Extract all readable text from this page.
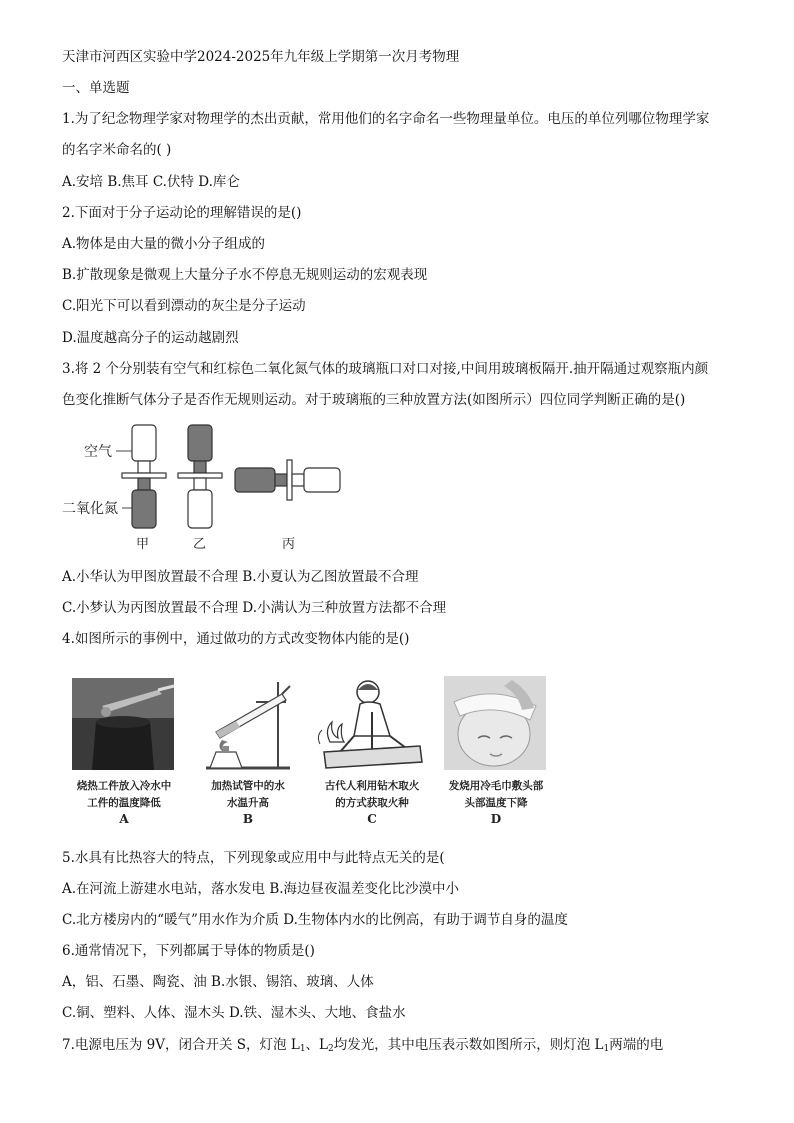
天津市河西区实验中学2024-2025年九年级上学期第一次月考物理
一、单选题
1.为了纪念物理学家对物理学的杰出贡献，常用他们的名字命名一些物理量单位。电压的单位列哪位物理学家
的名字米命名的( )
A.安培 B.焦耳 C.伏特 D.库仑
2.下面对于分子运动论的理解错误的是()
A.物体是由大量的微小分子组成的
B.扩散现象是微观上大量分子水不停息无规则运动的宏观表现
C.阳光下可以看到漂动的灰尘是分子运动
D.温度越高分子的运动越剧烈
3.将 2 个分别装有空气和红棕色二氧化氮气体的玻璃瓶口对口对接,中间用玻璃板隔开.抽开隔通过观察瓶内颜
色变化推断气体分子是否作无规则运动。对于玻璃瓶的三种放置方法(如图所示）四位同学判断正确的是()
空气
二氧化氮
甲	乙	丙
A.小华认为甲图放置最不合理 B.小夏认为乙图放置最不合理
C.小梦认为丙图放置最不合理 D.小满认为三种放置方法都不合理
4.如图所示的事例中，通过做功的方式改变物体内能的是()
烧热工件放入冷水中
工件的温度降低
A
加热试管中的水
水温升高
B
古代人利用钻木取火
的方式获取火种
C
发烧用冷毛巾敷头部
头部温度下降
D
5.水具有比热容大的特点，下列现象或应用中与此特点无关的是(
A.在河流上游建水电站，落水发电 B.海边昼夜温差变化比沙漠中小
C.北方楼房内的“暖气”用水作为介质 D.生物体内水的比例高，有助于调节自身的温度
6.通常情况下，下列都属于导体的物质是()
A，铝、石墨、陶瓷、油 B.水银、锡箔、玻璃、人体
C.铜、塑料、人体、湿木头 D.铁、湿木头、大地、食盐水
7.电源电压为 9V，闭合开关 S，灯泡 $L_1$、$L_2$均发光，其中电压表示数如图所示，则灯泡 $L_1$两端的电
